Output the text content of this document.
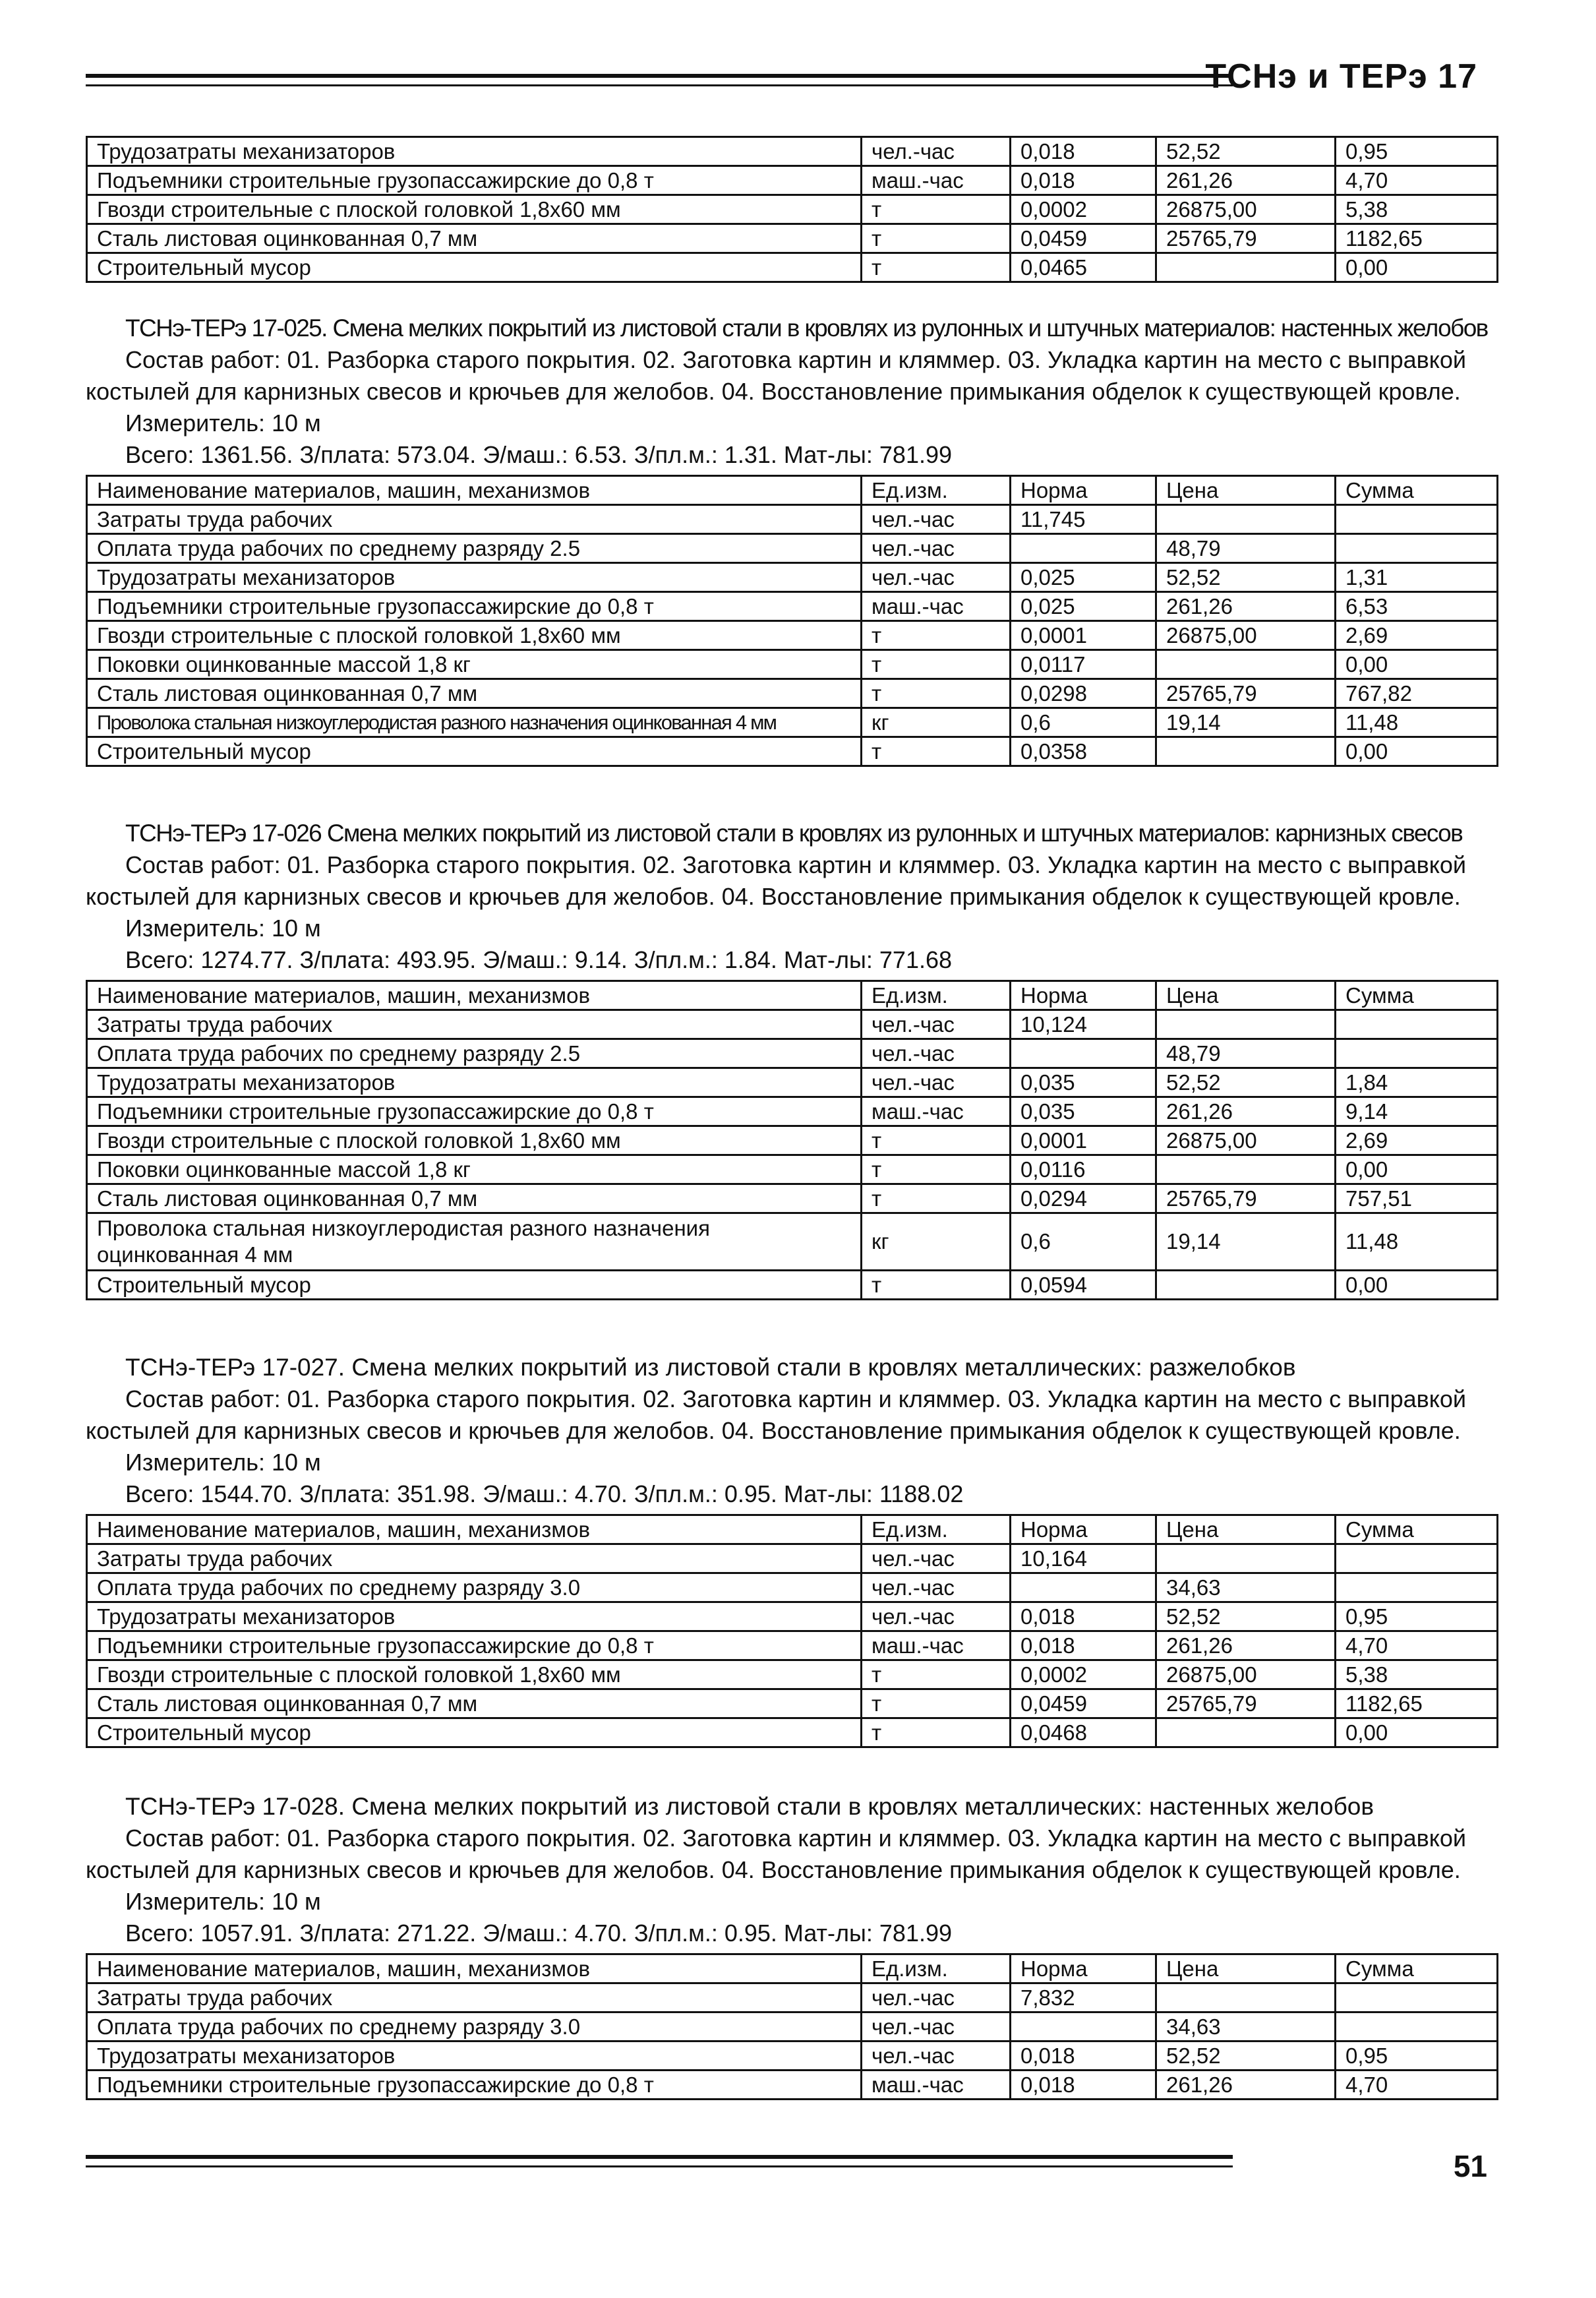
ТСНэ и ТЕРэ 17
Трудозатраты механизаторов	чел.-час	0,018	52,52	0,95
Подъемники строительные грузопассажирские до 0,8 т	маш.-час	0,018	261,26	4,70
Гвозди строительные с плоской головкой 1,8х60 мм	т	0,0002	26875,00	5,38
Сталь листовая оцинкованная 0,7 мм	т	0,0459	25765,79	1182,65
Строительный мусор	т	0,0465		0,00

ТСНэ-ТЕРэ 17-025. Смена мелких покрытий из листовой стали в кровлях из рулонных и штучных материалов: настенных желобов

Состав работ: 01. Разборка старого покрытия. 02. Заготовка картин и кляммер. 03. Укладка картин на место с выправкой

костылей для карнизных свесов и крючьев для желобов. 04. Восстановление примыкания обделок к существующей кровле.

Измеритель: 10 м

Всего: 1361.56. З/плата: 573.04. Э/маш.: 6.53. З/пл.м.: 1.31. Мат-лы: 781.99

Наименование материалов, машин, механизмов	Ед.изм.	Норма	Цена	Сумма
Затраты труда рабочих	чел.-час	11,745		
Оплата труда рабочих по среднему разряду 2.5	чел.-час		48,79	
Трудозатраты механизаторов	чел.-час	0,025	52,52	1,31
Подъемники строительные грузопассажирские до 0,8 т	маш.-час	0,025	261,26	6,53
Гвозди строительные с плоской головкой 1,8х60 мм	т	0,0001	26875,00	2,69
Поковки оцинкованные массой 1,8 кг	т	0,0117		0,00
Сталь листовая оцинкованная 0,7 мм	т	0,0298	25765,79	767,82
Проволока стальная низкоуглеродистая разного назначения оцинкованная 4 мм	кг	0,6	19,14	11,48
Строительный мусор	т	0,0358		0,00

ТСНэ-ТЕРэ 17-026 Смена мелких покрытий из листовой стали в кровлях из рулонных и штучных материалов: карнизных свесов

Состав работ: 01. Разборка старого покрытия. 02. Заготовка картин и кляммер. 03. Укладка картин на место с выправкой

костылей для карнизных свесов и крючьев для желобов. 04. Восстановление примыкания обделок к существующей кровле.

Измеритель: 10 м

Всего: 1274.77. З/плата: 493.95. Э/маш.: 9.14. З/пл.м.: 1.84. Мат-лы: 771.68

Наименование материалов, машин, механизмов	Ед.изм.	Норма	Цена	Сумма
Затраты труда рабочих	чел.-час	10,124		
Оплата труда рабочих по среднему разряду 2.5	чел.-час		48,79	
Трудозатраты механизаторов	чел.-час	0,035	52,52	1,84
Подъемники строительные грузопассажирские до 0,8 т	маш.-час	0,035	261,26	9,14
Гвозди строительные с плоской головкой 1,8х60 мм	т	0,0001	26875,00	2,69
Поковки оцинкованные массой 1,8 кг	т	0,0116		0,00
Сталь листовая оцинкованная 0,7 мм	т	0,0294	25765,79	757,51
Проволока стальная низкоуглеродистая разного назначения оцинкованная 4 мм	кг	0,6	19,14	11,48
Строительный мусор	т	0,0594		0,00

ТСНэ-ТЕРэ 17-027. Смена мелких покрытий из листовой стали в кровлях металлических: разжелобков

Состав работ: 01. Разборка старого покрытия. 02. Заготовка картин и кляммер. 03. Укладка картин на место с выправкой

костылей для карнизных свесов и крючьев для желобов. 04. Восстановление примыкания обделок к существующей кровле.

Измеритель: 10 м

Всего: 1544.70. З/плата: 351.98. Э/маш.: 4.70. З/пл.м.: 0.95. Мат-лы: 1188.02

Наименование материалов, машин, механизмов	Ед.изм.	Норма	Цена	Сумма
Затраты труда рабочих	чел.-час	10,164		
Оплата труда рабочих по среднему разряду 3.0	чел.-час		34,63	
Трудозатраты механизаторов	чел.-час	0,018	52,52	0,95
Подъемники строительные грузопассажирские до 0,8 т	маш.-час	0,018	261,26	4,70
Гвозди строительные с плоской головкой 1,8х60 мм	т	0,0002	26875,00	5,38
Сталь листовая оцинкованная 0,7 мм	т	0,0459	25765,79	1182,65
Строительный мусор	т	0,0468		0,00

ТСНэ-ТЕРэ 17-028. Смена мелких покрытий из листовой стали в кровлях металлических: настенных желобов

Состав работ: 01. Разборка старого покрытия. 02. Заготовка картин и кляммер. 03. Укладка картин на место с выправкой

костылей для карнизных свесов и крючьев для желобов. 04. Восстановление примыкания обделок к существующей кровле.

Измеритель: 10 м

Всего: 1057.91. З/плата: 271.22. Э/маш.: 4.70. З/пл.м.: 0.95. Мат-лы: 781.99

Наименование материалов, машин, механизмов	Ед.изм.	Норма	Цена	Сумма
Затраты труда рабочих	чел.-час	7,832		
Оплата труда рабочих по среднему разряду 3.0	чел.-час		34,63	
Трудозатраты механизаторов	чел.-час	0,018	52,52	0,95
Подъемники строительные грузопассажирские до 0,8 т	маш.-час	0,018	261,26	4,70
51
